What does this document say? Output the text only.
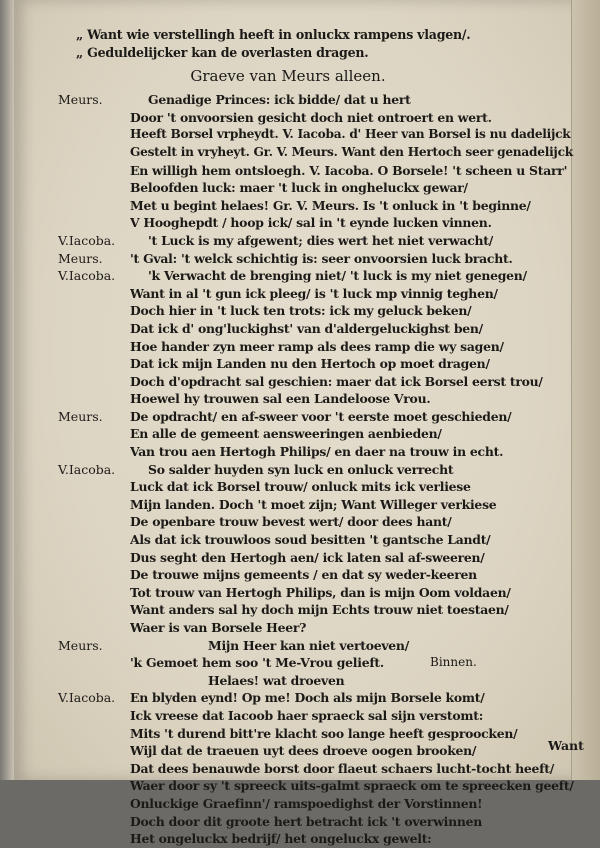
„ Want wie verstellingh heeft in onluckx rampens vlagen/.
„ Geduldelijcker kan de overlasten dragen.
Graeve van Meurs alleen.
Meurs.	Genadige Princes: ick bidde/ dat u hert
Door 't onvoorsien gesicht doch niet ontroert en wert.
Heeft Borsel vrpheydt. V. Iacoba. d' Heer van Borsel is nu dadelijck
Gestelt in vryheyt. Gr. V. Meurs. Want den Hertoch seer genadelijck
En willigh hem ontsloegh. V. Iacoba. O Borsele! 't scheen u Starr'
Beloofden luck: maer 't luck in ongheluckx gewar/
Met u begint helaes! Gr. V. Meurs. Is 't onluck in 't beginne/
V Hooghepdt / hoop ick/ sal in 't eynde lucken vinnen.
V.Iacoba.	't Luck is my afgewent; dies wert het niet verwacht/
Meurs.	't Gval: 't welck schichtig is: seer onvoorsien luck bracht.
V.Iacoba.	'k Verwacht de brenging niet/ 't luck is my niet genegen/
Want in al 't gun ick pleeg/ is 't luck mp vinnig teghen/
Doch hier in 't luck ten trots: ick my geluck beken/
Dat ick d' ong'luckighst' van d'aldergeluckighst ben/
Hoe hander zyn meer ramp als dees ramp die wy sagen/
Dat ick mijn Landen nu den Hertoch op moet dragen/
Doch d'opdracht sal geschien: maer dat ick Borsel eerst trou/
Hoewel hy trouwen sal een Landeloose Vrou.
Meurs.	De opdracht/ en af-sweer voor 't eerste moet geschieden/
En alle de gemeent aensweeringen aenbieden/
Van trou aen Hertogh Philips/ en daer na trouw in echt.
V.Iacoba.	So salder huyden syn luck en onluck verrecht
Luck dat ick Borsel trouw/ onluck mits ick verliese
Mijn landen. Doch 't moet zijn; Want Willeger verkiese
De openbare trouw bevest wert/ door dees hant/
Als dat ick trouwloos soud besitten 't gantsche Landt/
Dus seght den Hertogh aen/ ick laten sal af-sweeren/
De trouwe mijns gemeents / en dat sy weder-keeren
Tot trouw van Hertogh Philips, dan is mijn Oom voldaen/
Want anders sal hy doch mijn Echts trouw niet toestaen/
Waer is van Borsele Heer?
Meurs.	Mijn Heer kan niet vertoeven/
'k Gemoet hem soo 't Me-Vrou gelieft.	Binnen.
Helaes! wat droeven
V.Iacoba.	En blyden eynd! Op me! Doch als mijn Borsele komt/
Ick vreese dat Iacoob haer spraeck sal sijn verstomt:
Mits 't durend bitt're klacht soo lange heeft gesproocken/
Wijl dat de traeuen uyt dees droeve oogen brooken/
Dat dees benauwde borst door flaeut schaers lucht-tocht heeft/
Waer door sy 't spreeck uits-galmt spraeck om te spreecken geeft/
Onluckige Graefinn'/ ramspoedighst der Vorstinnen!
Doch door dit groote hert betracht ick 't overwinnen
Het ongeluckx bedrijf/ het ongeluckx gewelt:
Want
